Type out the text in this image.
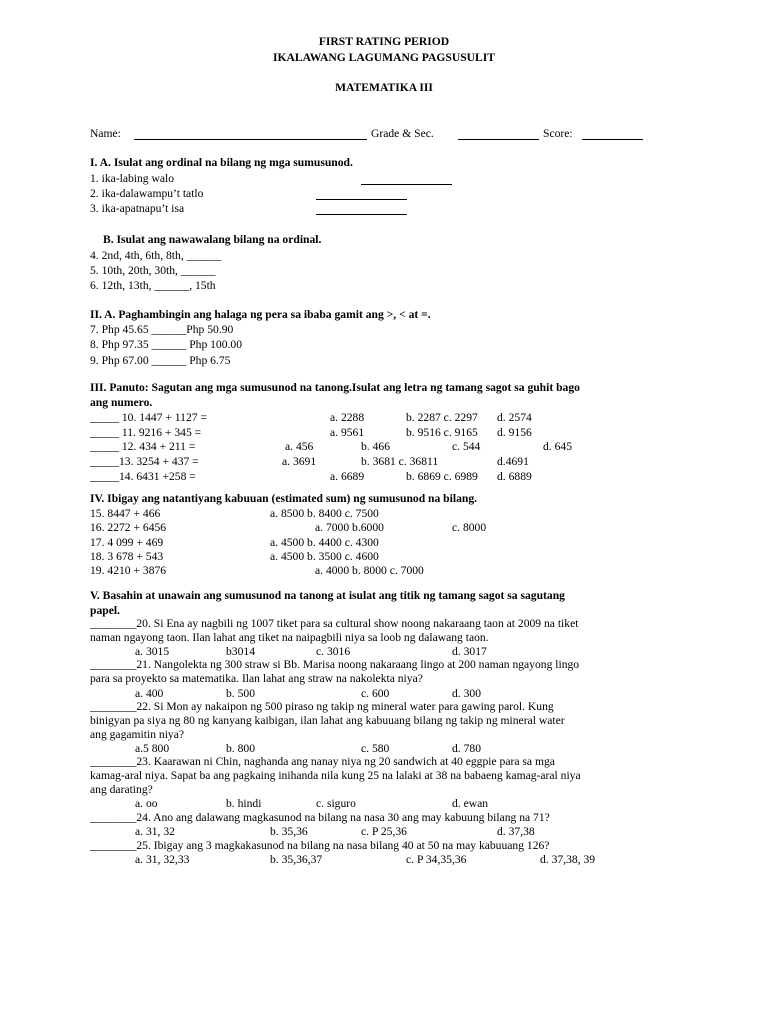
FIRST RATING PERIOD
IKALAWANG LAGUMANG PAGSUSULIT
MATEMATIKA III
Name:	Grade & Sec.	Score:
I. A. Isulat ang ordinal na bilang ng mga sumusunod.
1. ika-labing walo
2. ika-dalawampu’t tatlo
3. ika-apatnapu’t isa
B. Isulat ang nawawalang bilang na ordinal.
4. 2nd, 4th, 6th, 8th, ______
5. 10th, 20th, 30th, ______
6. 12th, 13th, ______, 15th
II. A. Paghambingin ang halaga ng pera sa ibaba gamit ang >, < at =.
7. Php 45.65 ______Php 50.90
8. Php 97.35 ______ Php 100.00
9. Php 67.00 ______ Php 6.75
III. Panuto: Sagutan ang mga sumusunod na tanong.Isulat ang letra ng tamang sagot sa guhit bago
ang numero.
_____ 10. 1447 + 1127 =	a. 2288	b. 2287 c. 2297 d. 2574
_____ 11. 9216 + 345 =	a. 9561	b. 9516 c. 9165 d. 9156
_____ 12. 434 + 211 =	a. 456	b. 466	c. 544	d. 645
_____13. 3254 + 437 =	a. 3691	b. 3681 c. 36811	d.4691
_____14. 6431 +258 =	a. 6689	b. 6869 c. 6989 d. 6889
IV. Ibigay ang natantiyang kabuuan (estimated sum) ng sumusunod na bilang.
15. 8447 + 466	a. 8500 b. 8400 c. 7500
16. 2272 + 6456	a. 7000 b.6000	c. 8000
17. 4 099 + 469	a. 4500 b. 4400 c. 4300
18. 3 678 + 543	a. 4500 b. 3500 c. 4600
19. 4210 + 3876	a. 4000 b. 8000 c. 7000
V. Basahin at unawain ang sumusunod na tanong at isulat ang titik ng tamang sagot sa sagutang
papel.
________20. Si Ena ay nagbili ng 1007 tiket para sa cultural show noong nakaraang taon at 2009 na tiket
naman ngayong taon. Ilan lahat ang tiket na naipagbili niya sa loob ng dalawang taon.
a. 3015	b3014	c. 3016	d. 3017
________21. Nangolekta ng 300 straw si Bb. Marisa noong nakaraang lingo at 200 naman ngayong lingo
para sa proyekto sa matematika. Ilan lahat ang straw na nakolekta niya?
a. 400	b. 500	c. 600	d. 300
________22. Si Mon ay nakaipon ng 500 piraso ng takip ng mineral water para gawing parol. Kung
binigyan pa siya ng 80 ng kanyang kaibigan, ilan lahat ang kabuuang bilang ng takip ng mineral water
ang gagamitin niya?
a.5 800	b. 800	c. 580	d. 780
________23. Kaarawan ni Chin, naghanda ang nanay niya ng 20 sandwich at 40 eggpie para sa mga
kamag-aral niya. Sapat ba ang pagkaing inihanda nila kung 25 na lalaki at 38 na babaeng kamag-aral niya
ang darating?
a. oo	b. hindi	c. siguro	d. ewan
________24. Ano ang dalawang magkasunod na bilang na nasa 30 ang may kabuung bilang na 71?
a. 31, 32	b. 35,36	c. P 25,36	d. 37,38
________25. Ibigay ang 3 magkakasunod na bilang na nasa bilang 40 at 50 na may kabuuang 126?
a. 31, 32,33	b. 35,36,37	c. P 34,35,36	d. 37,38, 39
